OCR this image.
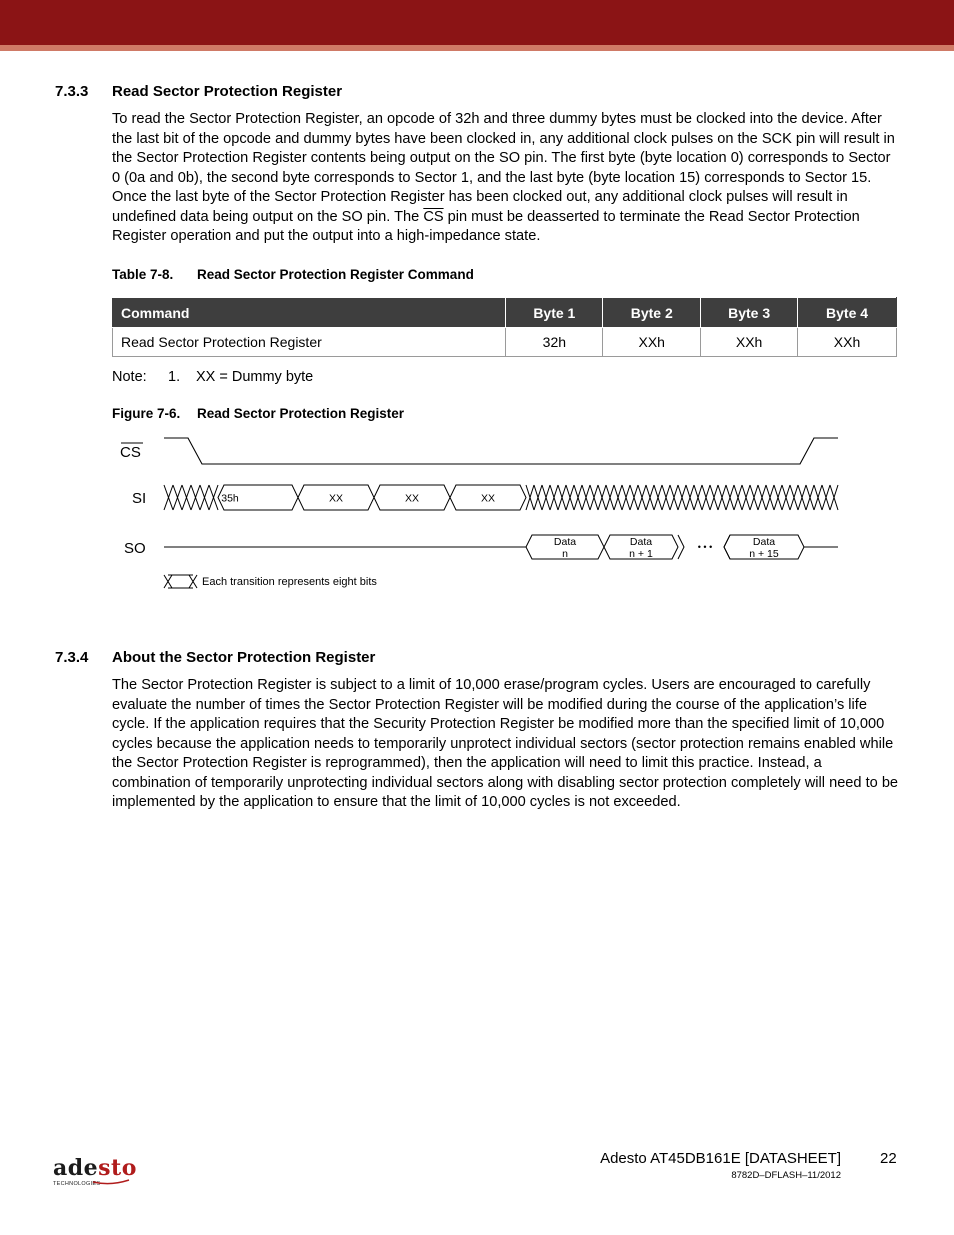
7.3.3 Read Sector Protection Register

To read the Sector Protection Register, an opcode of 32h and three dummy bytes must be clocked into the device. After the last bit of the opcode and dummy bytes have been clocked in, any additional clock pulses on the SCK pin will result in the Sector Protection Register contents being output on the SO pin. The first byte (byte location 0) corresponds to Sector 0 (0a and 0b), the second byte corresponds to Sector 1, and the last byte (byte location 15) corresponds to Sector 15. Once the last byte of the Sector Protection Register has been clocked out, any additional clock pulses will result in undefined data being output on the SO pin. The $\overline{CS}$ pin must be deasserted to terminate the Read Sector Protection Register operation and put the output into a high-impedance state.

Table 7-8. Read Sector Protection Register Command
Command	Byte 1	Byte 2	Byte 3	Byte 4
Read Sector Protection Register	32h	XXh	XXh	XXh
Note: 1. XX = Dummy byte
Figure 7-6. Read Sector Protection Register
CS
SI	35h	XX	XX	XX
SO	Data
n
Data
n + 1
Data
n + 15
• • •
Each transition represents eight bits
7.3.4 About the Sector Protection Register

The Sector Protection Register is subject to a limit of 10,000 erase/program cycles. Users are encouraged to carefully evaluate the number of times the Sector Protection Register will be modified during the course of the application’s life cycle. If the application requires that the Security Protection Register be modified more than the specified limit of 10,000 cycles because the application needs to temporarily unprotect individual sectors (sector protection remains enabled while the Sector Protection Register is reprogrammed), then the application will need to limit this practice. Instead, a combination of temporarily unprotecting individual sectors along with disabling sector protection completely will need to be implemented by the application to ensure that the limit of 10,000 cycles is not exceeded.

adesto
TECHNOLOGIES
Adesto AT45DB161E [DATASHEET]	22
8782D–DFLASH–11/2012
